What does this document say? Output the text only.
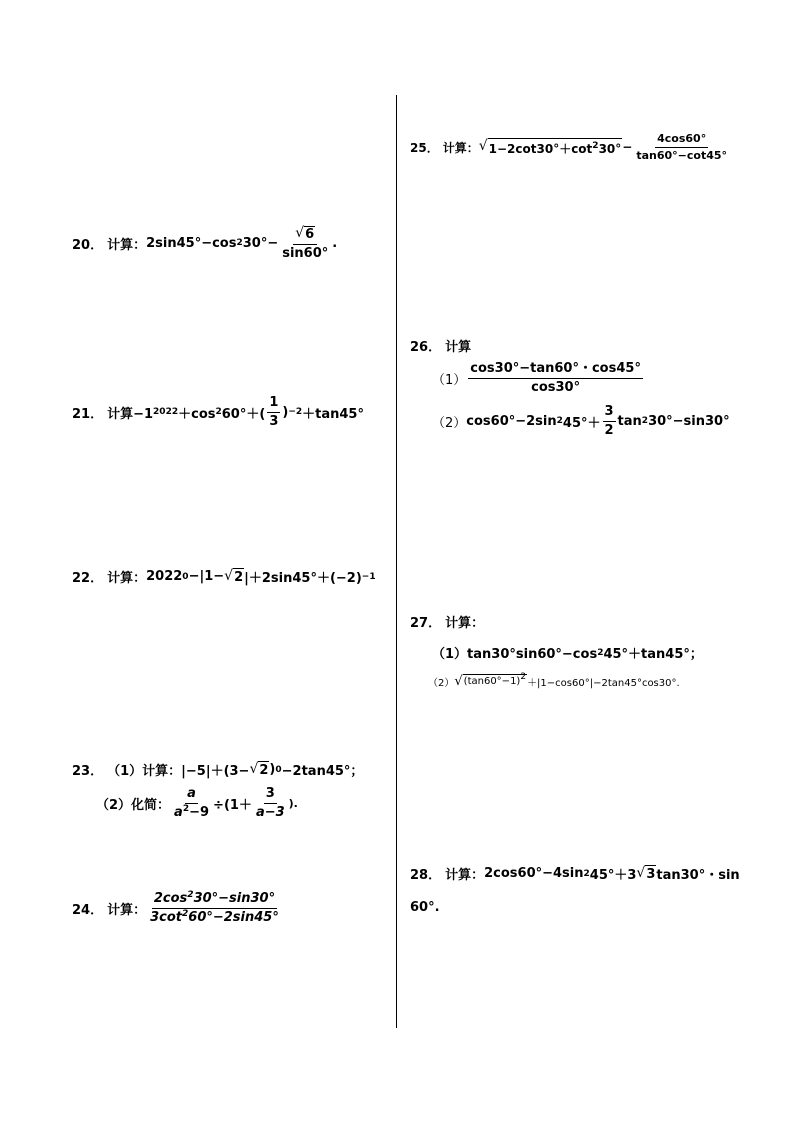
20． 计算： 2sin45°−cos 2 $30^\circ- \frac{√ 6}{\sin 60^\circ}$ .
21． 计算−1 2022 ＋cos 2 $60^\circ+( \frac{1}{3}$ ) −2 ＋tan45°
22． 计算： 2022 0 −|1− √ 2 |＋2sin45°＋(−2) −1
23． （1）计算：|−5|＋(3− √ 2 ) 0 −2tan45°；
（2）化简： $\frac{a}{a^2-9} \div(1+ \frac{3}{a-3}$ ).
24． 计算： $\frac{2\cos^230^\circ-\sin 30^\circ}{3\cot^260^\circ-2\sin 45^\circ}$
25． 计算： √ $1-2\cot 30^\circ+\cot^230^\circ - \frac{4\cos 60^\circ}{\tan 60^\circ-\cot 45^\circ}$
26． 计算
$(1) \frac{\cos 30^\circ-\tan 60^\circ・\cos 45^\circ}{\cos 30^\circ}$
（2） cos60°−2sin 2 $45^\circ+ \frac{3}{2}$ tan 2 30°−sin30°
27． 计算：
（1）tan30°sin60°−cos 2 45°＋tan45°；
（2） √ $(\tan 60^\circ-1)^2$
＋|1−cos60°|−2tan45°cos30°.
28． 计算： 2cos60°−4sin 2 45°＋3 √ 3 tan30°・sin
60°.
